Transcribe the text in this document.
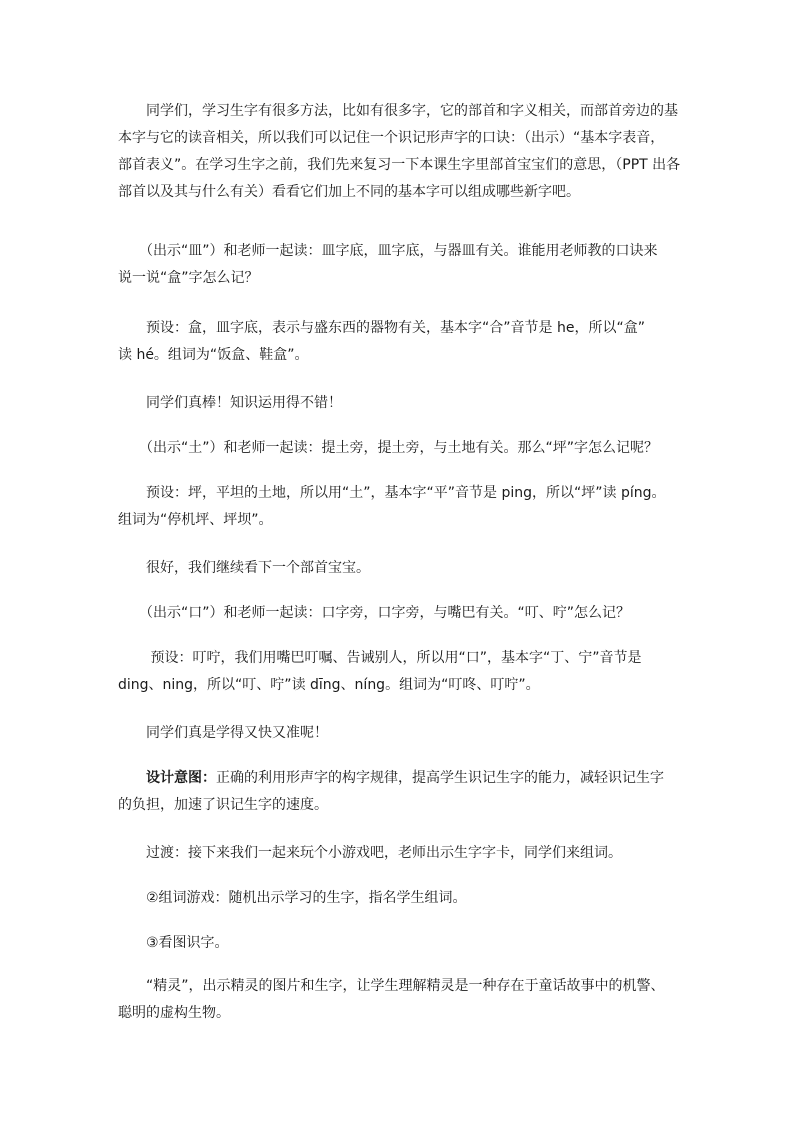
　　同学们，学习生字有很多方法，比如有很多字，它的部首和字义相关，而部首旁边的基
本字与它的读音相关，所以我们可以记住一个识记形声字的口诀：（出示）“基本字表音，
部首表义”。在学习生字之前，我们先来复习一下本课生字里部首宝宝们的意思，（PPT 出各
部首以及其与什么有关）看看它们加上不同的基本字可以组成哪些新字吧。

　　（出示“皿”）和老师一起读：皿字底，皿字底，与器皿有关。谁能用老师教的口诀来
说一说“盒”字怎么记？

　　预设：盒，皿字底，表示与盛东西的器物有关，基本字“合”音节是 he，所以“盒”
读 hé。组词为“饭盒、鞋盒”。

　　同学们真棒！知识运用得不错！

　　（出示“土”）和老师一起读：提土旁，提土旁，与土地有关。那么“坪”字怎么记呢？

　　预设：坪，平坦的土地，所以用“土”，基本字“平”音节是 ping，所以“坪”读 píng。
组词为“停机坪、坪坝”。

　　很好，我们继续看下一个部首宝宝。

　　（出示“口”）和老师一起读：口字旁，口字旁，与嘴巴有关。“叮、咛”怎么记？

　　 预设：叮咛，我们用嘴巴叮嘱、告诫别人，所以用“口”，基本字“丁、宁”音节是
ding、ning，所以“叮、咛”读 dīng、níng。组词为“叮咚、叮咛”。

　　同学们真是学得又快又准呢！

　　设计意图：正确的利用形声字的构字规律，提高学生识记生字的能力，减轻识记生字
的负担，加速了识记生字的速度。

　　过渡：接下来我们一起来玩个小游戏吧，老师出示生字字卡，同学们来组词。

　　②组词游戏：随机出示学习的生字，指名学生组词。

　　③看图识字。

　　“精灵”，出示精灵的图片和生字，让学生理解精灵是一种存在于童话故事中的机警、
聪明的虚构生物。
